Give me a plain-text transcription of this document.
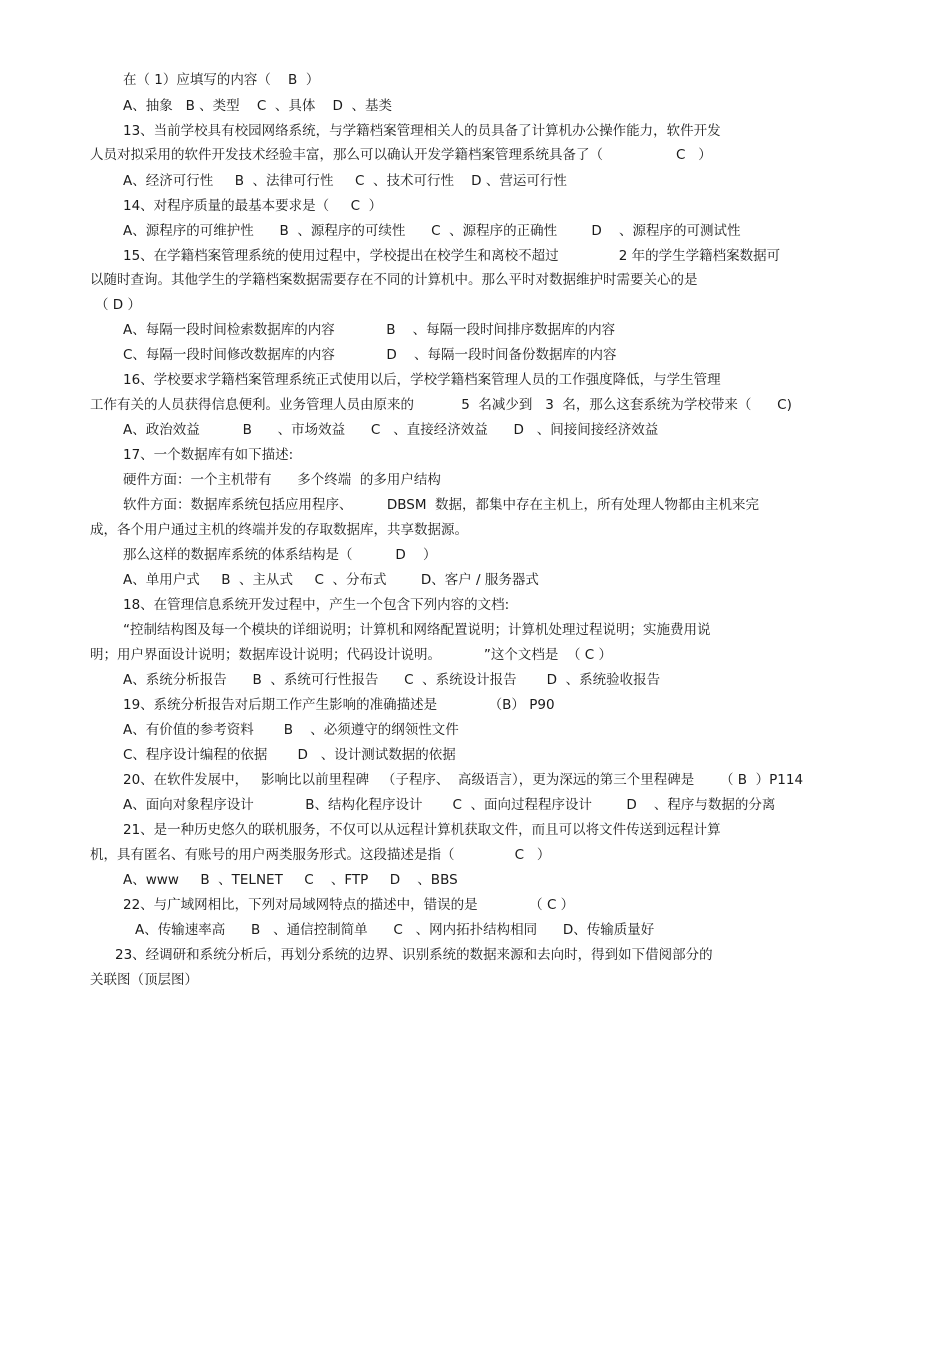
在（ 1）应填写的内容（    B  ）
A、抽象   B 、类型    C  、具体    D  、基类
13、当前学校具有校园网络系统，与学籍档案管理相关人的员具备了计算机办公操作能力，软件开发
人员对拟采用的软件开发技术经验丰富，那么可以确认开发学籍档案管理系统具备了（                 C   ）
A、经济可行性     B  、法律可行性     C  、技术可行性    D 、营运可行性
14、对程序质量的最基本要求是（     C  ）
A、源程序的可维护性      B  、源程序的可续性      C  、源程序的正确性        D    、源程序的可测试性
15、在学籍档案管理系统的使用过程中，学校提出在校学生和离校不超过              2 年的学生学籍档案数据可
以随时查询。其他学生的学籍档案数据需要存在不同的计算机中。那么平时对数据维护时需要关心的是
（ D ）
A、每隔一段时间检索数据库的内容            B    、每隔一段时间排序数据库的内容
C、每隔一段时间修改数据库的内容            D    、每隔一段时间备份数据库的内容
16、学校要求学籍档案管理系统正式使用以后，学校学籍档案管理人员的工作强度降低，与学生管理
工作有关的人员获得信息便利。业务管理人员由原来的           5  名减少到   3  名，那么这套系统为学校带来（      C)
A、政治效益          B      、市场效益      C   、直接经济效益      D   、间接间接经济效益
17、一个数据库有如下描述:
硬件方面：一个主机带有      多个终端  的多用户结构
软件方面：数据库系统包括应用程序、        DBSM  数据，都集中存在主机上，所有处理人物都由主机来完
成，各个用户通过主机的终端并发的存取数据库，共享数据源。
那么这样的数据库系统的体系结构是（          D    ）
A、单用户式     B  、主从式     C  、分布式        D、客户 / 服务器式
18、在管理信息系统开发过程中，产生一个包含下列内容的文档:
“控制结构图及每一个模块的详细说明；计算机和网络配置说明；计算机处理过程说明；实施费用说
明；用户界面设计说明；数据库设计说明；代码设计说明。          ”这个文档是  （ C ）
A、系统分析报告      B  、系统可行性报告      C  、系统设计报告       D  、系统验收报告
19、系统分析报告对后期工作产生影响的准确描述是            （B） P90
A、有价值的参考资料       B    、必须遵守的纲领性文件
C、程序设计编程的依据       D   、设计测试数据的依据
20、在软件发展中，   影响比以前里程碑   （子程序、  高级语言），更为深远的第三个里程碑是      （ B  ）P114
A、面向对象程序设计            B、结构化程序设计       C  、面向过程程序设计        D    、程序与数据的分离
21、是一种历史悠久的联机服务，不仅可以从远程计算机获取文件，而且可以将文件传送到远程计算
机，具有匿名、有账号的用户两类服务形式。这段描述是指（              C   ）
A、www     B  、TELNET     C    、FTP     D    、BBS
22、与广域网相比，下列对局域网特点的描述中，错误的是            （ C ）
A、传输速率高      B   、通信控制简单      C   、网内拓扑结构相同      D、传输质量好
23、经调研和系统分析后，再划分系统的边界、识别系统的数据来源和去向时，得到如下借阅部分的
关联图（顶层图）
